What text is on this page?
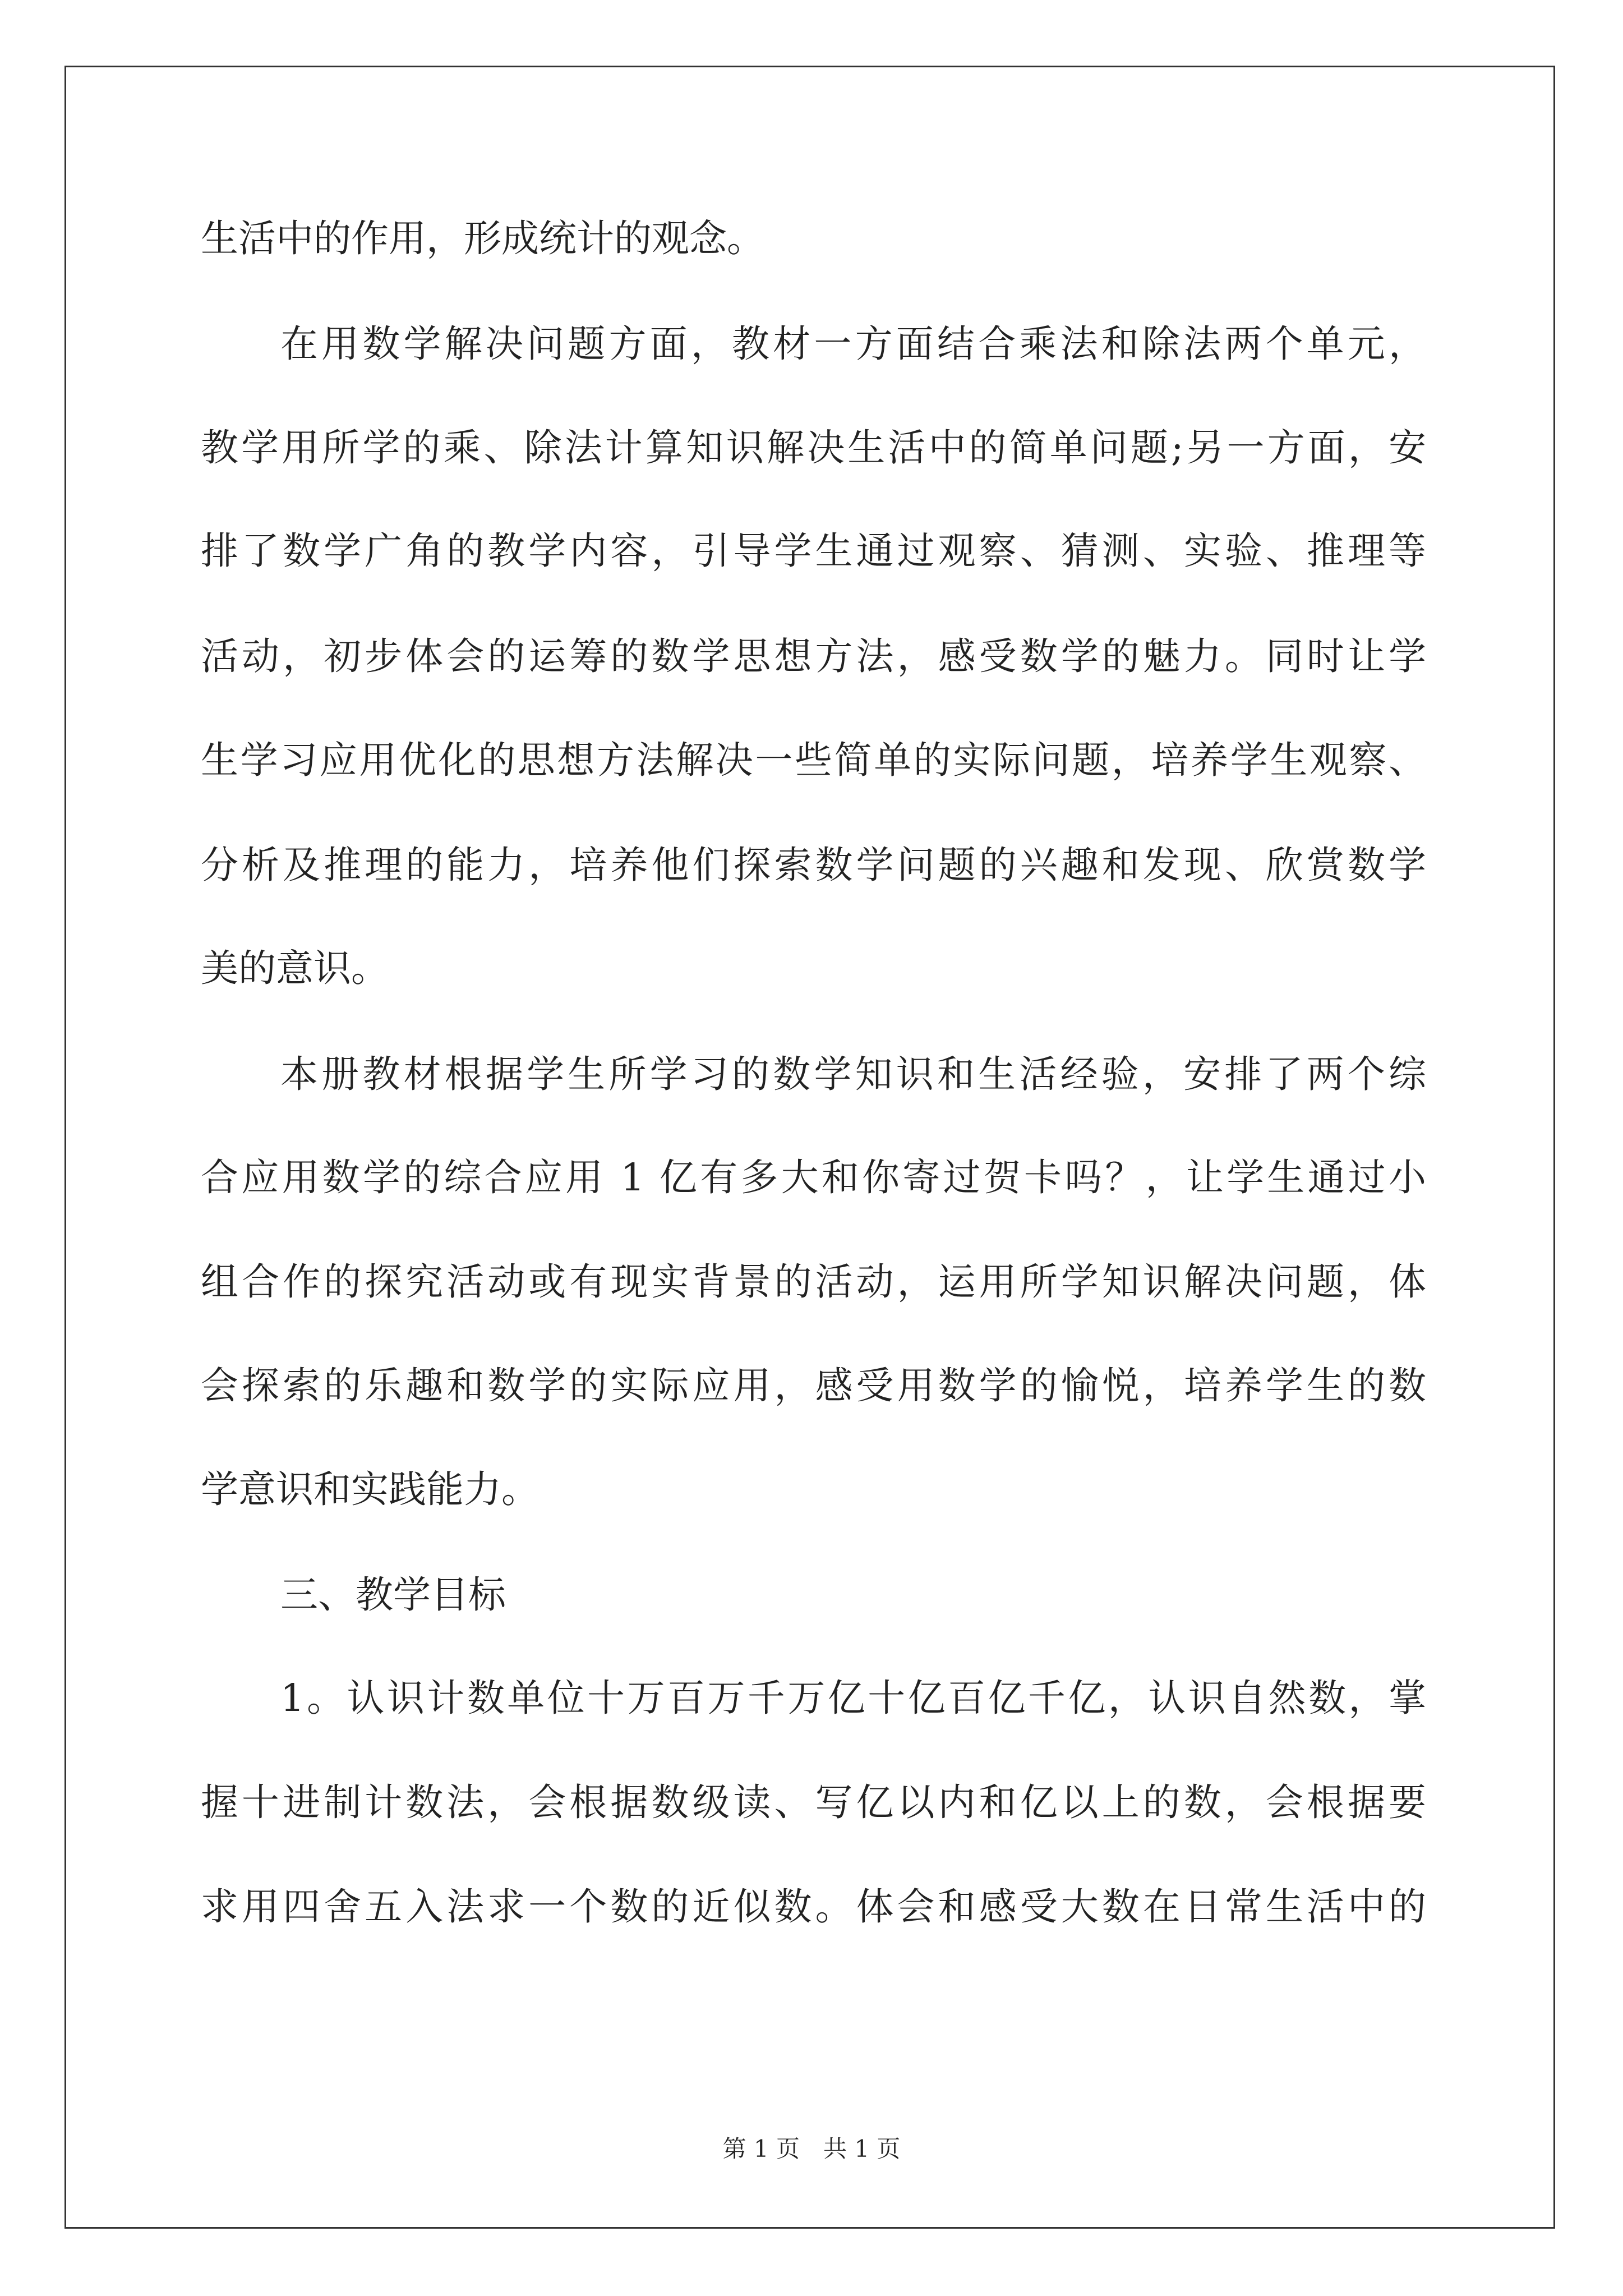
生活中的作用，形成统计的观念。
在用数学解决问题方面，教材一方面结合乘法和除法两个单元，
教学用所学的乘、除法计算知识解决生活中的简单问题;另一方面，安
排了数学广角的教学内容，引导学生通过观察、猜测、实验、推理等
活动，初步体会的运筹的数学思想方法，感受数学的魅力。同时让学
生学习应用优化的思想方法解决一些简单的实际问题，培养学生观察、
分析及推理的能力，培养他们探索数学问题的兴趣和发现、欣赏数学
美的意识。
本册教材根据学生所学习的数学知识和生活经验，安排了两个综
合应用数学的综合应用 1 亿有多大和你寄过贺卡吗？，让学生通过小
组合作的探究活动或有现实背景的活动，运用所学知识解决问题，体
会探索的乐趣和数学的实际应用，感受用数学的愉悦，培养学生的数
学意识和实践能力。
三、教学目标
1。认识计数单位十万百万千万亿十亿百亿千亿，认识自然数，掌
握十进制计数法，会根据数级读、写亿以内和亿以上的数，会根据要
求用四舍五入法求一个数的近似数。体会和感受大数在日常生活中的
第 1 页　共 1 页
